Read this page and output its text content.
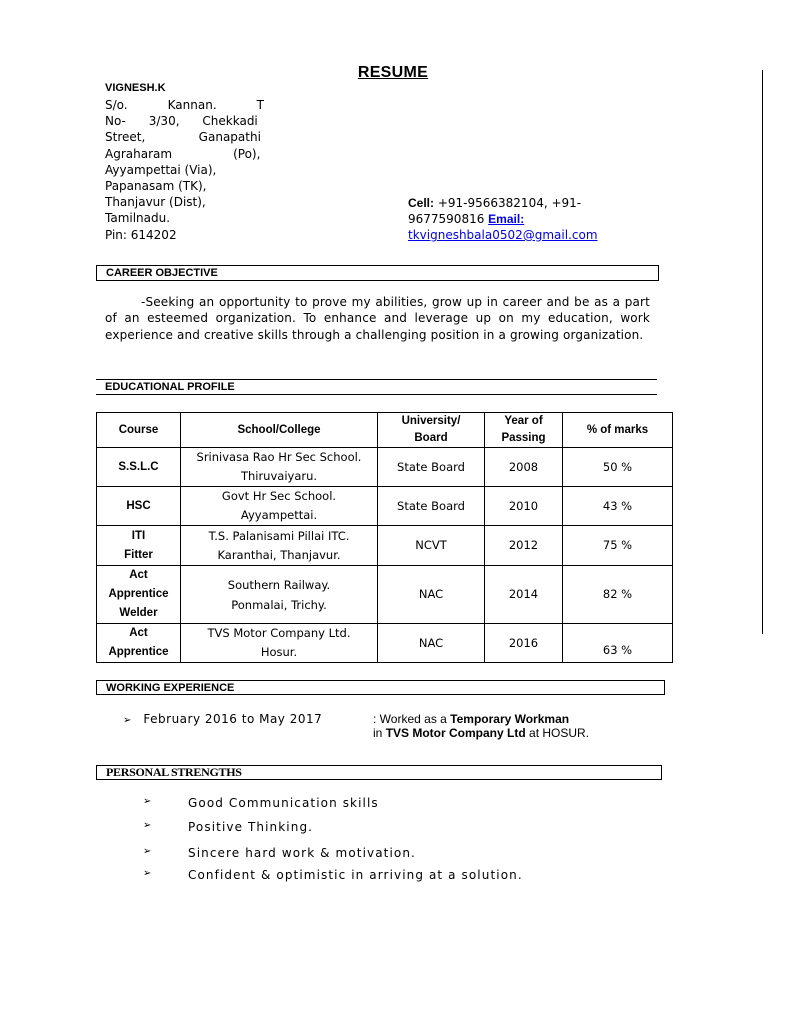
RESUME
VIGNESH.K
S/o. Kannan. T
No-      3/30,      Chekkadi
Street,              Ganapathi
Agraharam                (Po),
Ayyampettai (Via),
Papanasam (TK),
Thanjavur (Dist),
Tamilnadu.
Pin: 614202
Cell: +91-9566382104, +91-
9677590816 Email:
tkvigneshbala0502@gmail.com
CAREER OBJECTIVE
-Seeking an opportunity to prove my abilities, grow up in career and be as a part of an esteemed organization. To enhance and leverage up on my education, work experience and creative skills through a challenging position in a growing organization.
EDUCATIONAL PROFILE
Course	School/College	University/ Board	Year of Passing	% of marks
S.S.L.C	Srinivasa Rao Hr Sec School. Thiruvaiyaru.	State Board	2008	50 %
HSC	Govt Hr Sec School. Ayyampettai.	State Board	2010	43 %

ITI Fitter	T.S. Palanisami Pillai ITC. Karanthai, Thanjavur.	NCVT	2012	75 %

Act Apprentice Welder	Southern Railway. Ponmalai, Trichy.	NAC	2014	82 %

Act Apprentice	TVS Motor Company Ltd. Hosur.	NAC	2016	63 %
WORKING EXPERIENCE
➢ February 2016 to May 2017	: Worked as a Temporary Workman
in TVS Motor Company Ltd at HOSUR.
PERSONAL STRENGTHS
➢	Good Communication skills
➢	Positive Thinking.
➢	Sincere hard work & motivation.
➢	Confident & optimistic in arriving at a solution.
